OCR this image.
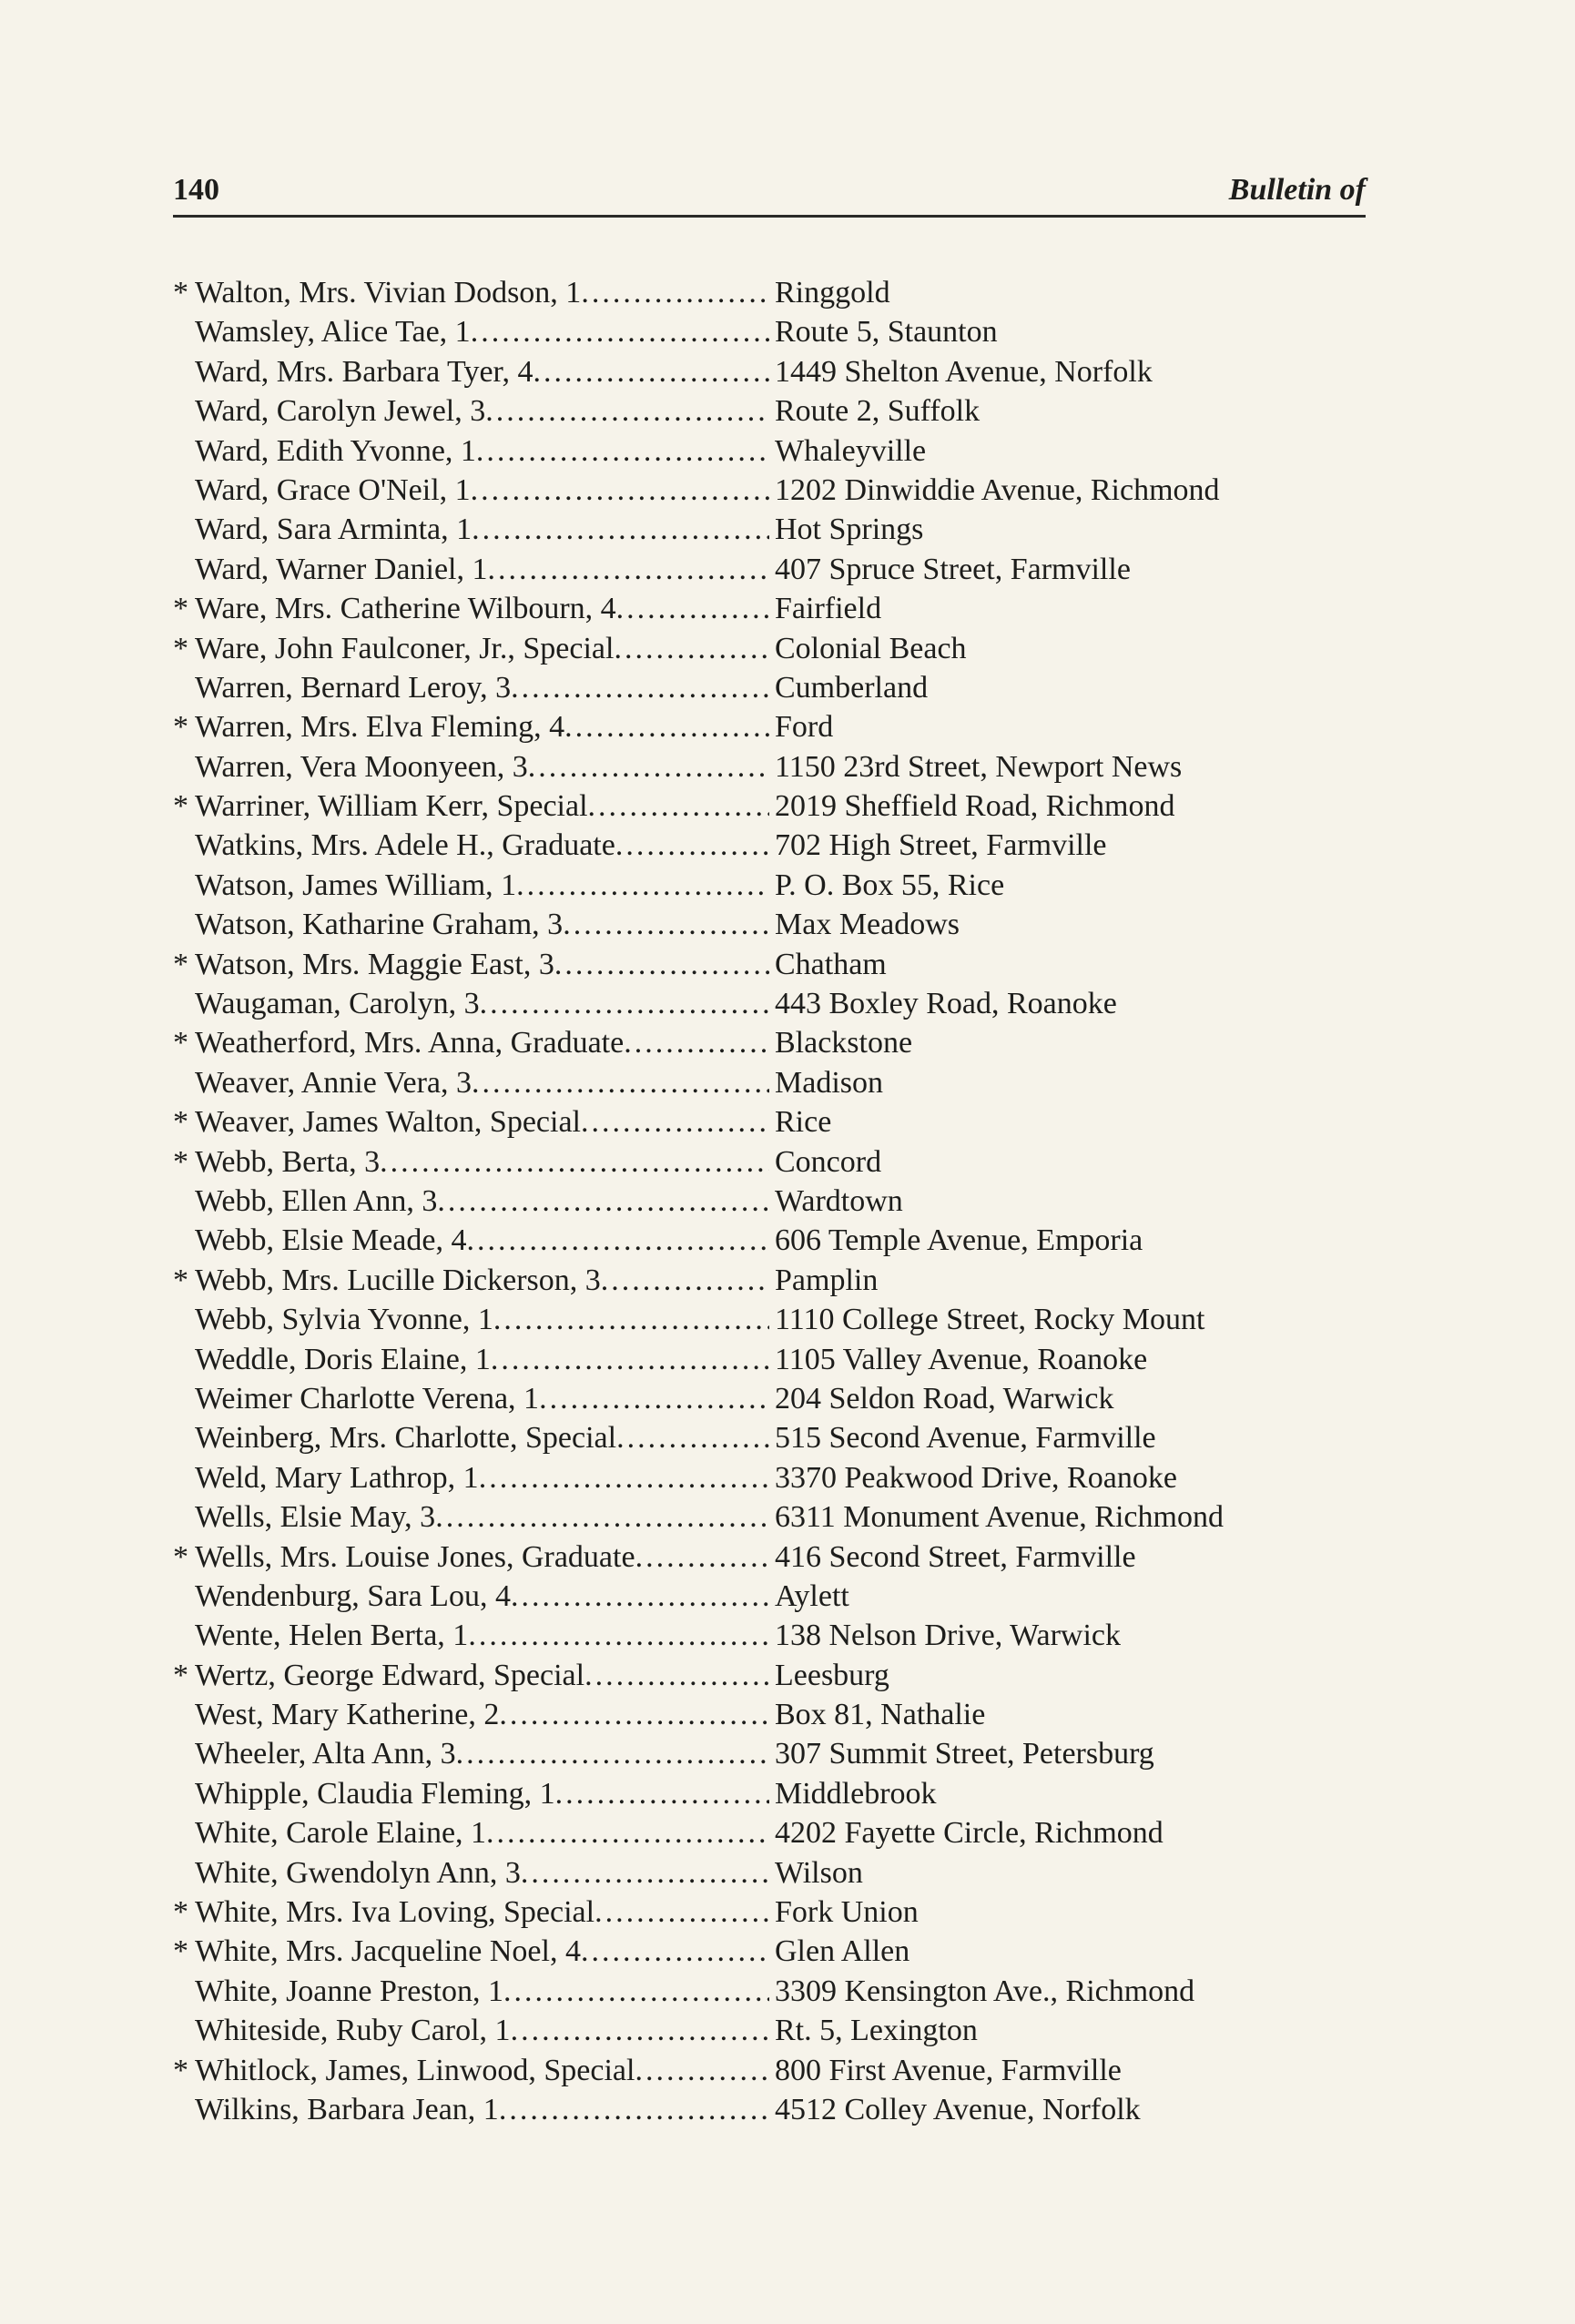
140	Bulletin of
* Walton, Mrs. Vivian Dodson, 1 .....	Ringgold
Wamsley, Alice Tae, 1 .....	Route 5, Staunton
Ward, Mrs. Barbara Tyer, 4 .....	1449 Shelton Avenue, Norfolk
Ward, Carolyn Jewel, 3 .....	Route 2, Suffolk
Ward, Edith Yvonne, 1 .....	Whaleyville
Ward, Grace O'Neil, 1 .....	1202 Dinwiddie Avenue, Richmond
Ward, Sara Arminta, 1 .....	Hot Springs
Ward, Warner Daniel, 1 .....	407 Spruce Street, Farmville
* Ware, Mrs. Catherine Wilbourn, 4 .....	Fairfield
* Ware, John Faulconer, Jr., Special .....	Colonial Beach
Warren, Bernard Leroy, 3 .....	Cumberland
* Warren, Mrs. Elva Fleming, 4 .....	Ford
Warren, Vera Moonyeen, 3 .....	1150 23rd Street, Newport News
* Warriner, William Kerr, Special .....	2019 Sheffield Road, Richmond
Watkins, Mrs. Adele H., Graduate .....	702 High Street, Farmville
Watson, James William, 1 .....	P. O. Box 55, Rice
Watson, Katharine Graham, 3 .....	Max Meadows
* Watson, Mrs. Maggie East, 3 .....	Chatham
Waugaman, Carolyn, 3 .....	443 Boxley Road, Roanoke
* Weatherford, Mrs. Anna, Graduate .....	Blackstone
Weaver, Annie Vera, 3 .....	Madison
* Weaver, James Walton, Special .....	Rice
* Webb, Berta, 3 .....	Concord
Webb, Ellen Ann, 3 .....	Wardtown
Webb, Elsie Meade, 4 .....	606 Temple Avenue, Emporia
* Webb, Mrs. Lucille Dickerson, 3 .....	Pamplin
Webb, Sylvia Yvonne, 1 .....	1110 College Street, Rocky Mount
Weddle, Doris Elaine, 1 .....	1105 Valley Avenue, Roanoke
Weimer Charlotte Verena, 1 .....	204 Seldon Road, Warwick
Weinberg, Mrs. Charlotte, Special .....	515 Second Avenue, Farmville
Weld, Mary Lathrop, 1 .....	3370 Peakwood Drive, Roanoke
Wells, Elsie May, 3 .....	6311 Monument Avenue, Richmond
* Wells, Mrs. Louise Jones, Graduate .....	416 Second Street, Farmville
Wendenburg, Sara Lou, 4 .....	Aylett
Wente, Helen Berta, 1 .....	138 Nelson Drive, Warwick
* Wertz, George Edward, Special .....	Leesburg
West, Mary Katherine, 2 .....	Box 81, Nathalie
Wheeler, Alta Ann, 3 .....	307 Summit Street, Petersburg
Whipple, Claudia Fleming, 1 .....	Middlebrook
White, Carole Elaine, 1 .....	4202 Fayette Circle, Richmond
White, Gwendolyn Ann, 3 .....	Wilson
* White, Mrs. Iva Loving, Special .....	Fork Union
* White, Mrs. Jacqueline Noel, 4 .....	Glen Allen
White, Joanne Preston, 1 .....	3309 Kensington Ave., Richmond
Whiteside, Ruby Carol, 1 .....	Rt. 5, Lexington
* Whitlock, James, Linwood, Special .....	800 First Avenue, Farmville
Wilkins, Barbara Jean, 1 .....	4512 Colley Avenue, Norfolk
